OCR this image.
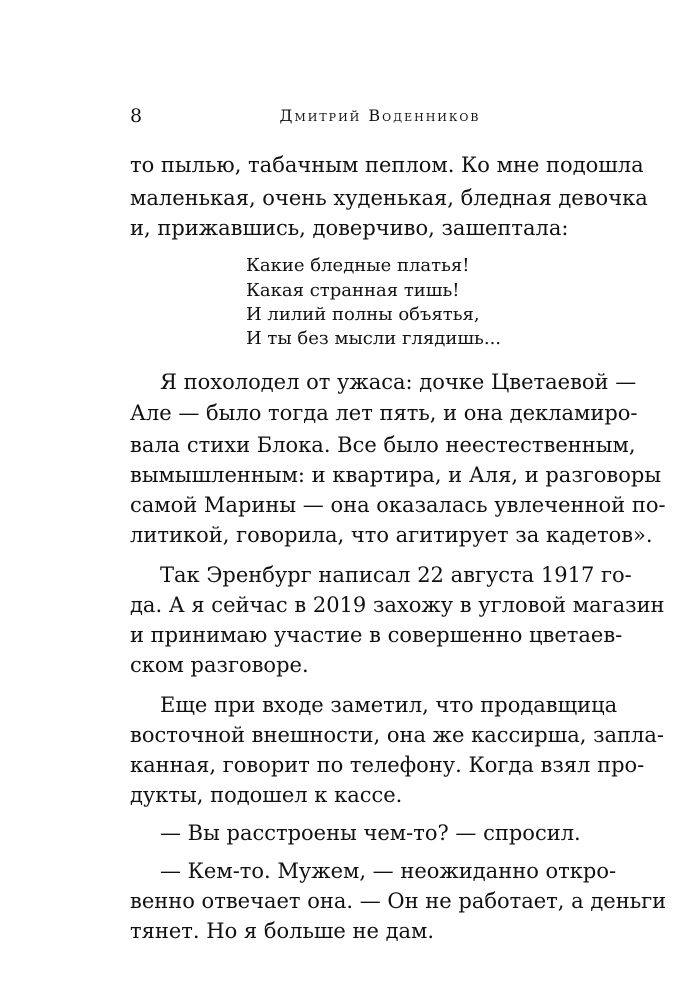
8	Дмитрий Воденников
то пылью, табачным пеплом. Ко мне подошла
маленькая, очень худенькая, бледная девочка
и, прижавшись, доверчиво, зашептала:
Какие бледные платья!
Какая странная тишь!
И лилий полны объятья,
И ты без мысли глядишь...
Я похолодел от ужаса: дочке Цветаевой —
Але — было тогда лет пять, и она декламиро-
вала стихи Блока. Все было неестественным,
вымышленным: и квартира, и Аля, и разговоры
самой Марины — она оказалась увлеченной по-
литикой, говорила, что агитирует за кадетов».
Так Эренбург написал 22 августа 1917 го-
да. А я сейчас в 2019 захожу в угловой магазин
и принимаю участие в совершенно цветаев-
ском разговоре.
Еще при входе заметил, что продавщица
восточной внешности, она же кассирша, запла-
канная, говорит по телефону. Когда взял про-
дукты, подошел к кассе.
— Вы расстроены чем-то? — спросил.
— Кем-то. Мужем, — неожиданно откро-
венно отвечает она. — Он не работает, а деньги
тянет. Но я больше не дам.
